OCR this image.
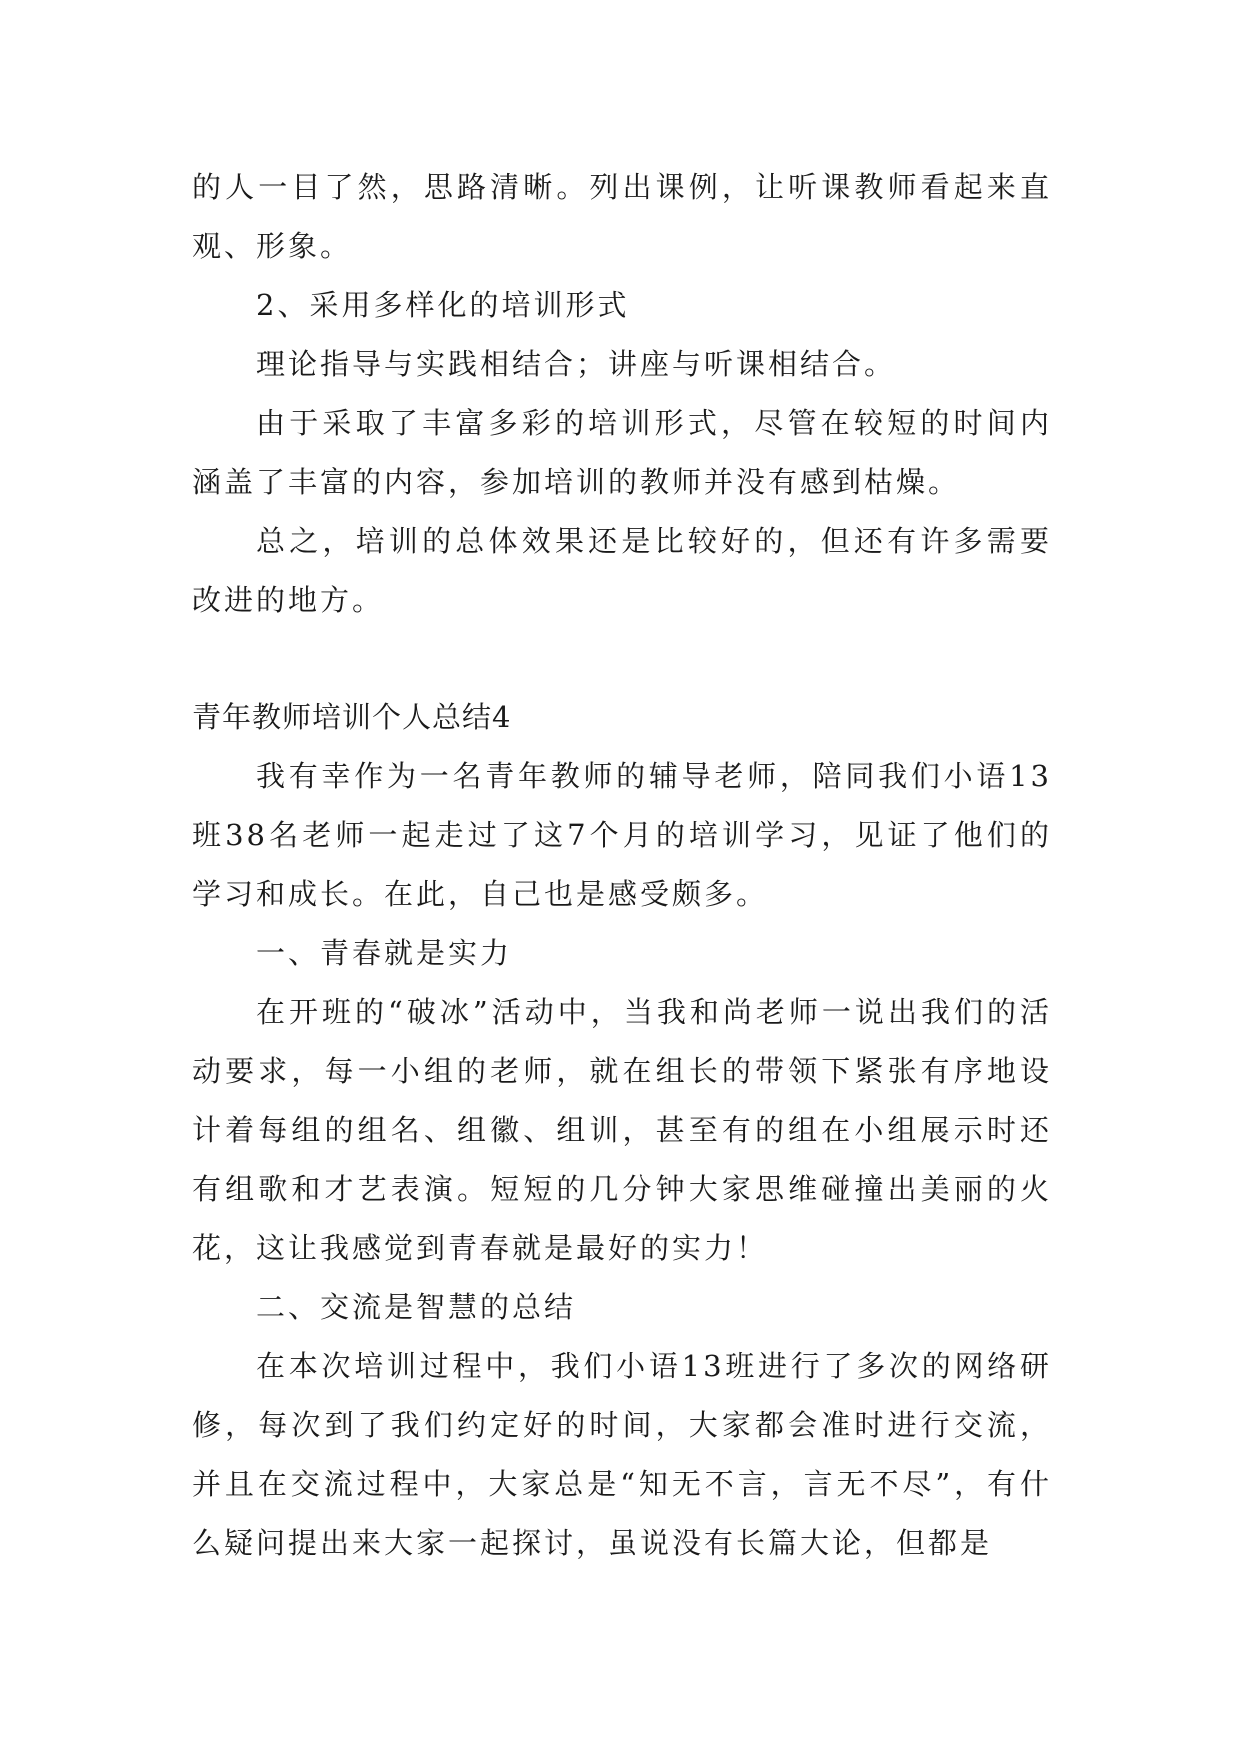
的人一目了然，思路清晰。列出课例，让听课教师看起来直观、形象。

2、采用多样化的培训形式

理论指导与实践相结合；讲座与听课相结合。

由于采取了丰富多彩的培训形式，尽管在较短的时间内涵盖了丰富的内容，参加培训的教师并没有感到枯燥。

总之，培训的总体效果还是比较好的，但还有许多需要改进的地方。

青年教师培训个人总结4

我有幸作为一名青年教师的辅导老师，陪同我们小语13班38名老师一起走过了这7个月的培训学习，见证了他们的学习和成长。在此，自己也是感受颇多。

一、青春就是实力

在开班的“破冰”活动中，当我和尚老师一说出我们的活动要求，每一小组的老师，就在组长的带领下紧张有序地设计着每组的组名、组徽、组训，甚至有的组在小组展示时还有组歌和才艺表演。短短的几分钟大家思维碰撞出美丽的火花，这让我感觉到青春就是最好的实力！

二、交流是智慧的总结

在本次培训过程中，我们小语13班进行了多次的网络研修，每次到了我们约定好的时间，大家都会准时进行交流，并且在交流过程中，大家总是“知无不言，言无不尽”，有什么疑问提出来大家一起探讨，虽说没有长篇大论，但都是
